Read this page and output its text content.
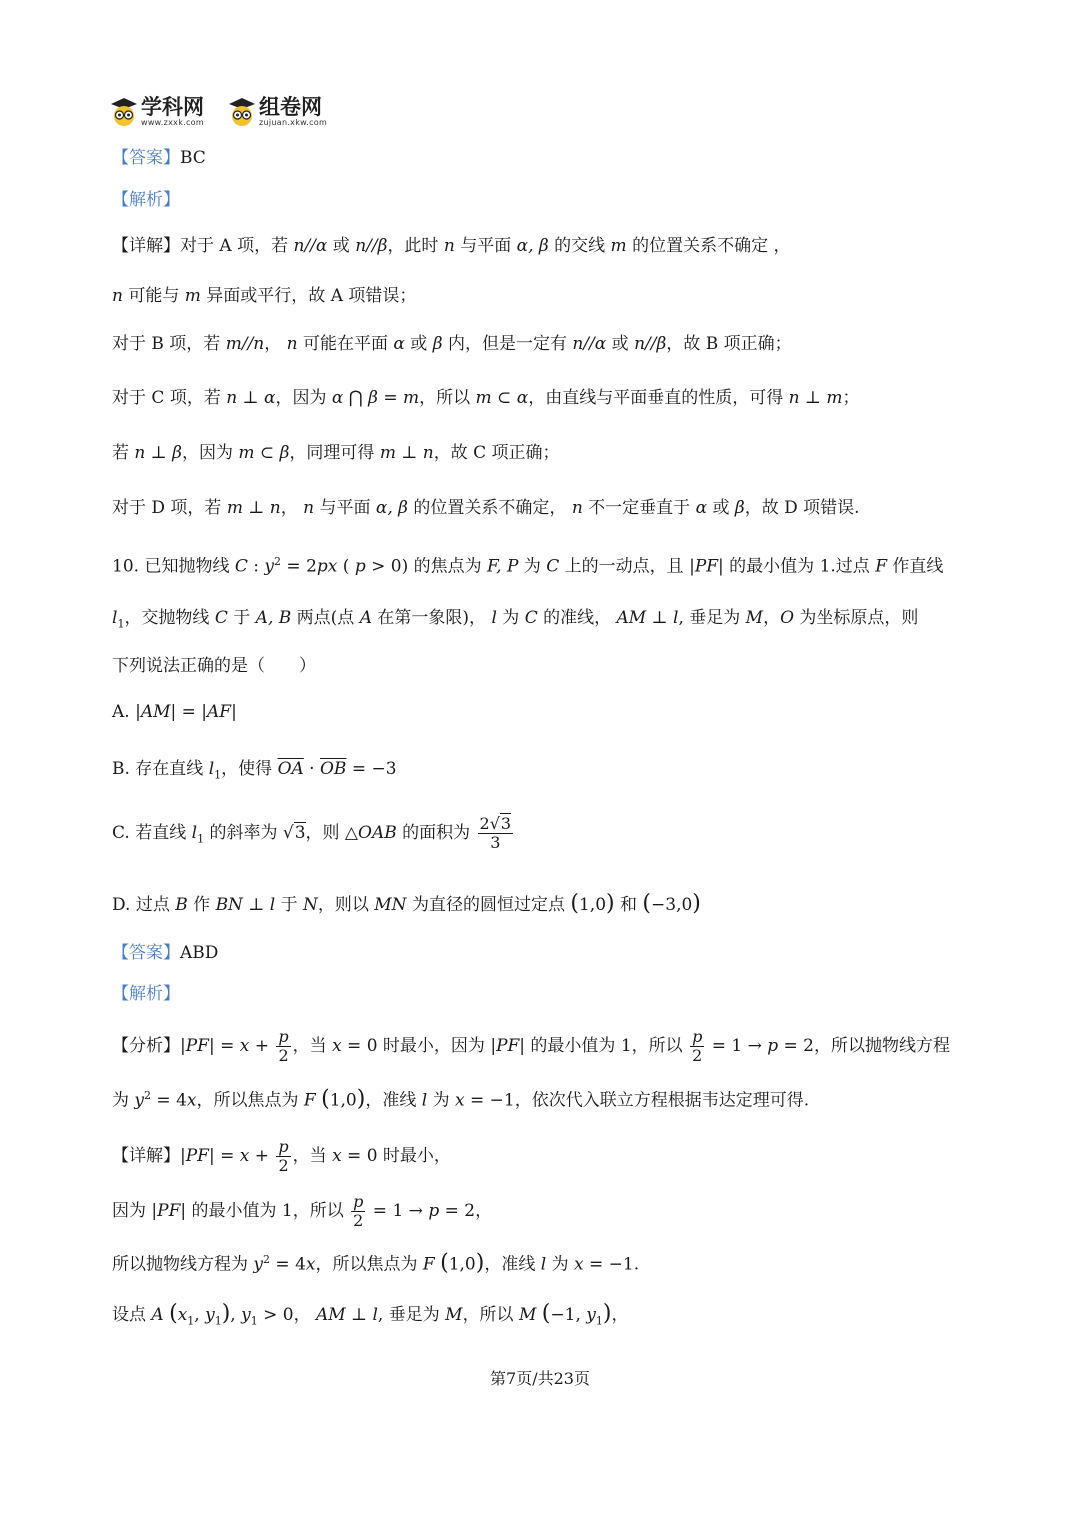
学科网
www.zxxk.com
组卷网
zujuan.xkw.com
【答案】BC
【解析】
【详解】对于 A 项，若 n//α 或 n//β，此时 n 与平面 α, β 的交线 m 的位置关系不确定 ，
n 可能与 m 异面或平行，故 A 项错误；
对于 B 项，若 m//n， n 可能在平面 α 或 β 内，但是一定有 n//α 或 n//β，故 B 项正确；
对于 C 项，若 n ⊥ α，因为 α ⋂ β = m，所以 m ⊂ α，由直线与平面垂直的性质，可得 n ⊥ m；
若 n ⊥ β，因为 m ⊂ β，同理可得 m ⊥ n，故 C 项正确；
对于 D 项，若 m ⊥ n， n 与平面 α, β 的位置关系不确定， n 不一定垂直于 α 或 β，故 D 项错误.
10. 已知抛物线 C : $y^2 = 2px$ ( p > 0) 的焦点为 F, P 为 C 上的一动点，且 |PF| 的最小值为 1.过点 F 作直线
$l_1$，交抛物线 C 于 A, B 两点(点 A 在第一象限)， l 为 C 的准线， AM ⊥ l, 垂足为 M，O 为坐标原点，则
下列说法正确的是（　　）
A. |AM| = |AF|
B. 存在直线 $l_1$，使得 $\overline{OA} \cdot \overline{OB} = -3$
C. 若直线 $l_1$ 的斜率为 √3，则 △OAB 的面积为 $\frac{2√3}{3}$
D. 过点 B 作 BN ⊥ l 于 N，则以 MN 为直径的圆恒过定点 (1,0) 和 (−3,0)
【答案】ABD
【解析】
【分析】$|PF| = x + \frac{p}{2}$ ，当 x = 0 时最小，因为 |PF| 的最小值为 1，所以 $\frac{p}{2} = 1 \to p = 2$，所以抛物线方程
为 $y^2 = 4x$，所以焦点为 F (1,0)，准线 l 为 x = −1，依次代入联立方程根据韦达定理可得.
【详解】$|PF| = x + \frac{p}{2}$ ，当 x = 0 时最小，
因为 |PF| 的最小值为 1，所以 $\frac{p}{2} = 1 \to p = 2$，
所以抛物线方程为 $y^2 = 4x$，所以焦点为 F (1,0)，准线 l 为 x = −1.
设点 A ($x_1$, $y_1$), $y_1 > 0$， AM ⊥ l, 垂足为 M，所以 M (−1, $y_1$)，
第7页/共23页
